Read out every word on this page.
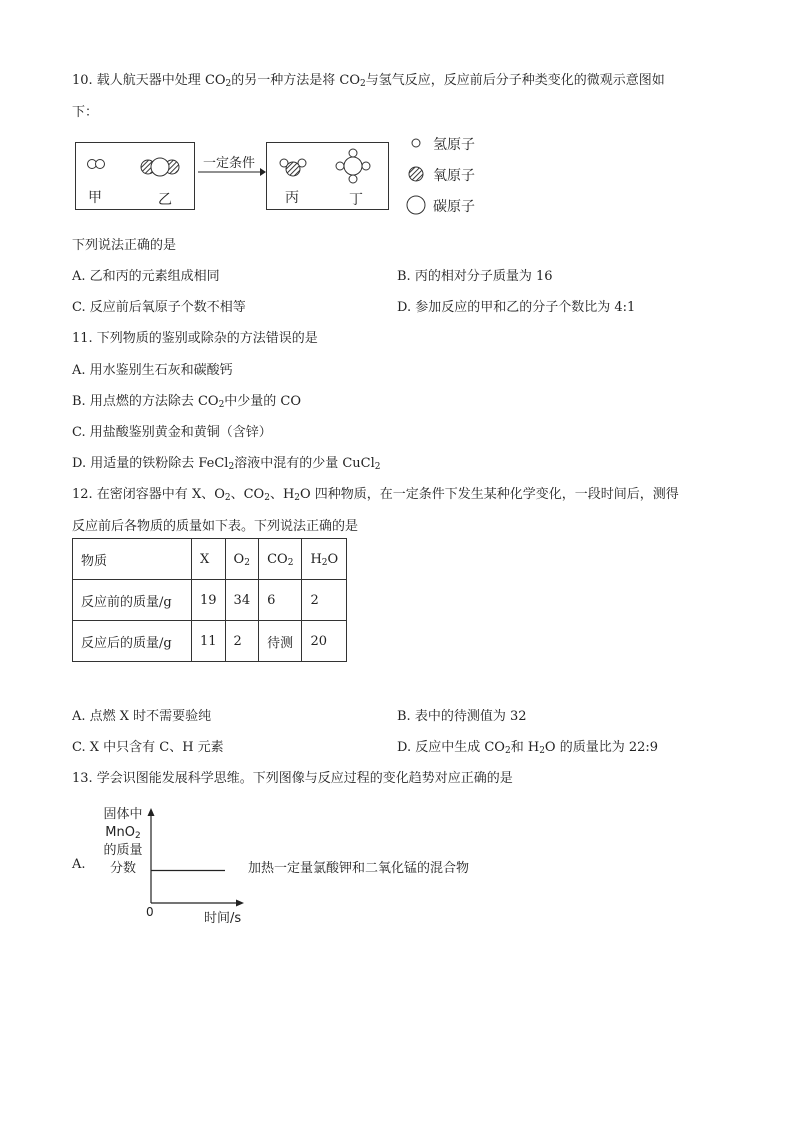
10. 载人航天器中处理 $CO_2$的另一种方法是将 $CO_2$与氢气反应，反应前后分子种类变化的微观示意图如
下：
甲	乙
一定条件
丙	丁
氢原子
氧原子
碳原子
下列说法正确的是
A. 乙和丙的元素组成相同	B. 丙的相对分子质量为 16
C. 反应前后氧原子个数不相等	D. 参加反应的甲和乙的分子个数比为 4:1
11. 下列物质的鉴别或除杂的方法错误的是
A. 用水鉴别生石灰和碳酸钙
B. 用点燃的方法除去 $CO_2$中少量的 CO
C. 用盐酸鉴别黄金和黄铜（含锌）
D. 用适量的铁粉除去 FeCl$_2$溶液中混有的少量 CuCl$_2$
12. 在密闭容器中有 X、$O_2$、$CO_2$、$H_2O$ 四种物质，在一定条件下发生某种化学变化，一段时间后，测得
反应前后各物质的质量如下表。下列说法正确的是
物质	X	$O_2$	$CO_2$	$H_2O$
反应前的质量/g	19	34	6	2
反应后的质量/g	11	2	待测	20
A. 点燃 X 时不需要验纯	B. 表中的待测值为 32
C. X 中只含有 C、H 元素	D. 反应中生成 $CO_2$和 $H_2O$ 的质量比为 22:9
13. 学会识图能发展科学思维。下列图像与反应过程的变化趋势对应正确的是
A.
固体中
MnO$_2$
的质量
分数
0	时间/s
加热一定量氯酸钾和二氧化锰的混合物
